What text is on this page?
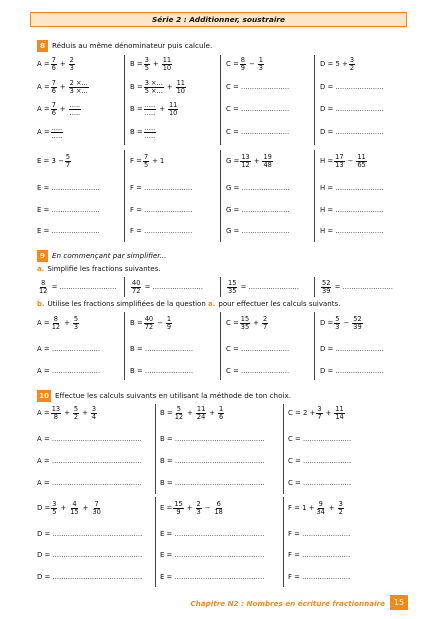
Série 2 : Additionner, soustraire
8 Réduis au même dénominateur puis calcule.
$A = \frac{7}{6} + \frac{2}{3}$	$B = \frac{3}{5} + \frac{11}{10}$	$C = \frac{8}{9} - \frac{1}{3}$	$D = 5 + \frac{3}{2}$
$A = \frac{7}{6} + \frac{2 \times...}{3 \times...}$	$B = \frac{3 \times...}{5 \times...} + \frac{11}{10}$	C = ......................	D = ......................
$A = \frac{7}{6} + \frac{.....}{.....}$	$B = \frac{.....}{.....} + \frac{11}{10}$	C = ......................	D = ......................
$A = \frac{.....}{.....}$	$B = \frac{.....}{.....}$	C = ......................	D = ......................
$E = 3 - \frac{5}{7}$	$F = \frac{7}{5} + 1$	$G = \frac{13}{12} + \frac{19}{48}$	$H = \frac{17}{13} - \frac{11}{65}$
E = ......................	F = ......................	G = ......................	H = ......................
E = ......................	F = ......................	G = ......................	H = ......................
E = ......................	F = ......................	G = ......................	H = ......................
9 En commençant par simplifier...
a. Simplifie les fractions suivantes.
$\frac{8}{12}$ = .......................... $\frac{40}{72}$ = .......................	$\frac{15}{35}$ = .......................	$\frac{52}{39}$ = .......................
b. Utilise les fractions simplifiées de la question a. pour effectuer les calculs suivants.
$A = \frac{8}{12} + \frac{5}{3}$	$B = \frac{40}{72} - \frac{1}{9}$	$C = \frac{15}{35} + \frac{2}{7}$	$D = \frac{5}{3} - \frac{52}{39}$
A = ......................	B = ......................	C = ......................	D = ......................
A = ......................	B = ......................	C = ......................	D = ......................
10 Effectue les calculs suivants en utilisant la méthode de ton choix.
$A = \frac{13}{8} + \frac{5}{2} + \frac{3}{4}$	$B = \frac{5}{12} + \frac{11}{24} + \frac{1}{6}$	$C = 2 + \frac{3}{7} + \frac{11}{14}$
A = .........................................	B = .........................................	C = ......................
A = .........................................	B = .........................................	C = ......................
A = .........................................	B = .........................................	C = ......................
$D = \frac{3}{5} + \frac{4}{15} + \frac{7}{30}$	$E = \frac{15}{9} + \frac{2}{3} - \frac{6}{18}$	$F = 1 + \frac{9}{34} + \frac{3}{2}$
D = .........................................	E = .........................................	F = ......................
D = .........................................	E = .........................................	F = ......................
D = .........................................	E = .........................................	F = ......................
Chapitre N2 : Nombres en écriture fractionnaire	15
